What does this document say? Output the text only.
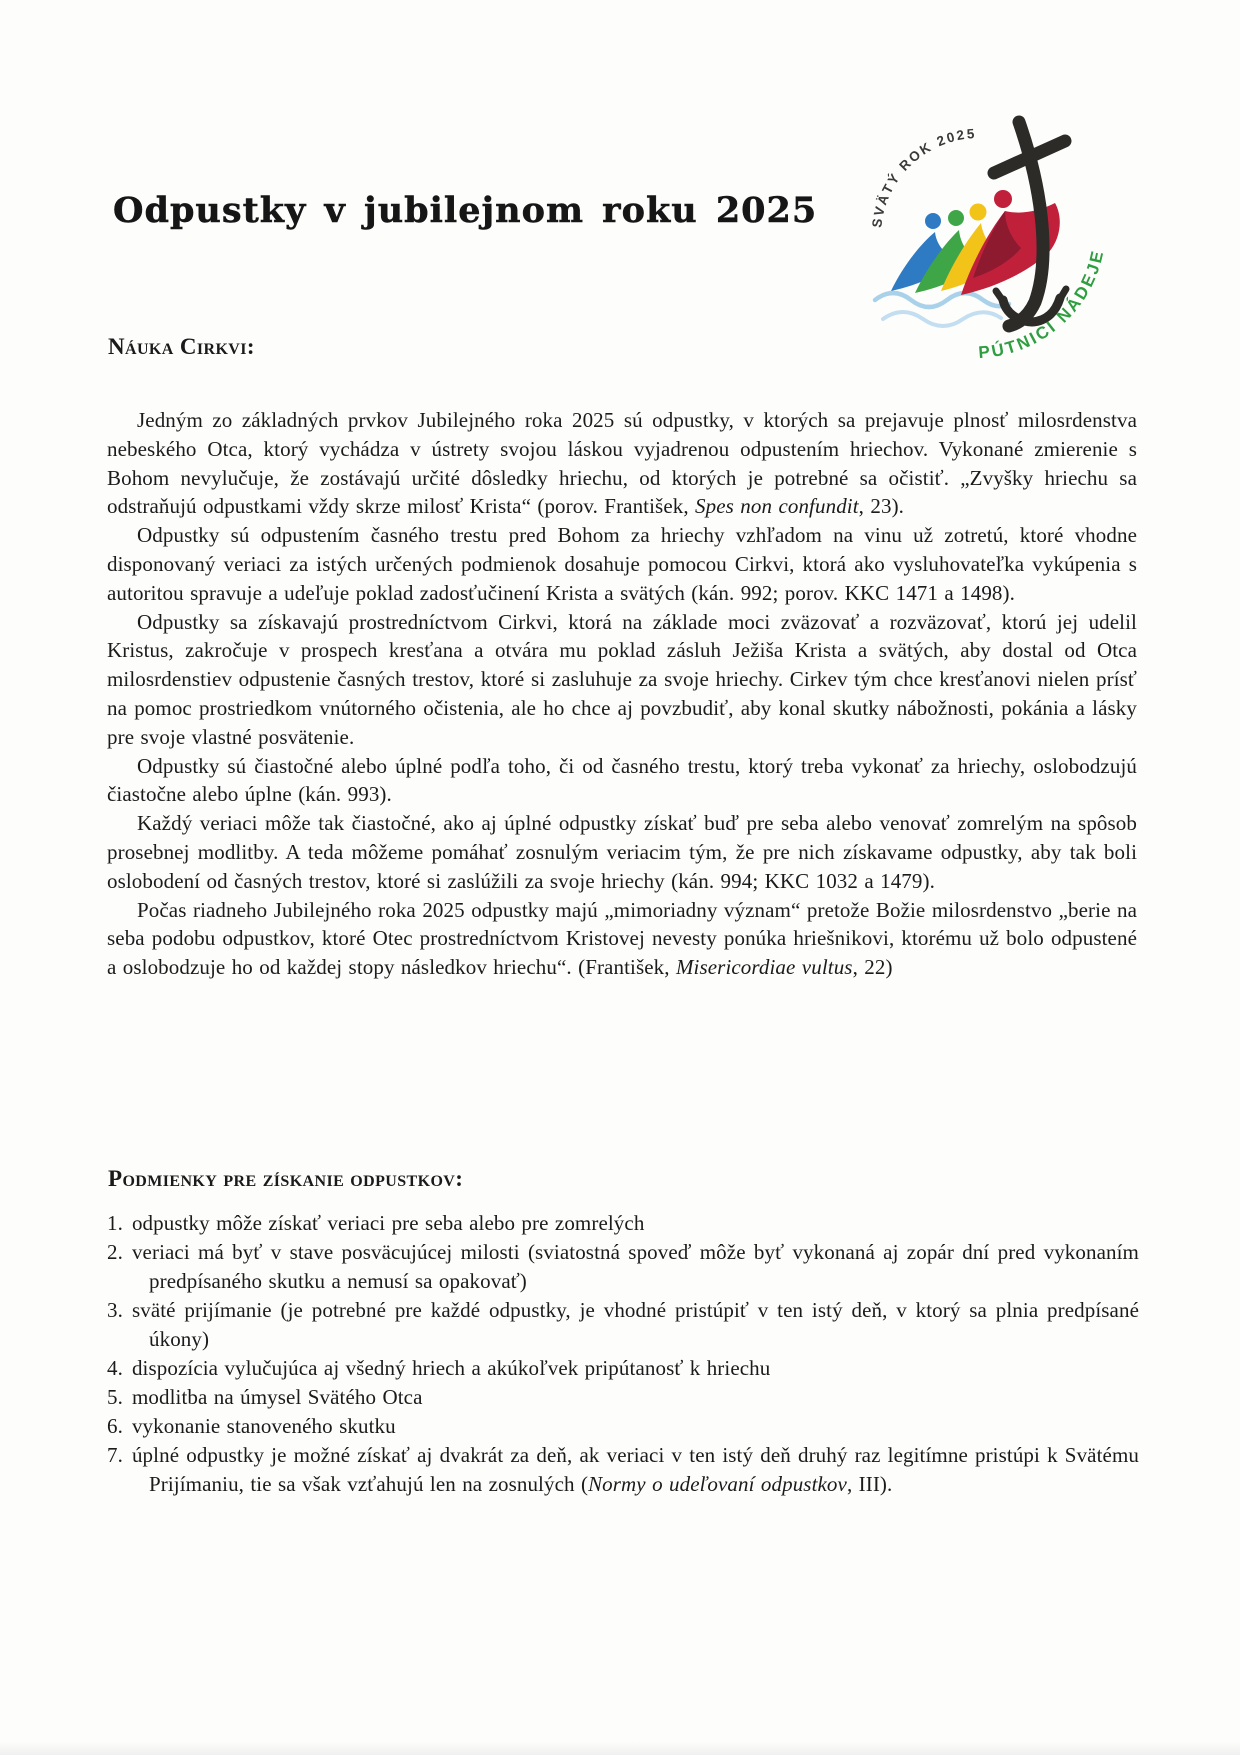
Odpustky v jubilejnom roku 2025	SVÄTÝ ROK 2025
PÚTNICI NÁDEJE
Náuka Cirkvi:

Jedným zo základných prvkov Jubilejného roka 2025 sú odpustky, v ktorých sa prejavuje plnosť milosrdenstva nebeského Otca, ktorý vychádza v ústrety svojou láskou vyjadrenou odpustením hriechov. Vykonané zmierenie s Bohom nevylučuje, že zostávajú určité dôsledky hriechu, od ktorých je potrebné sa očistiť. „Zvyšky hriechu sa odstraňujú odpustkami vždy skrze milosť Krista“ (porov. František, Spes non confundit, 23).

Odpustky sú odpustením časného trestu pred Bohom za hriechy vzhľadom na vinu už zotretú, ktoré vhodne disponovaný veriaci za istých určených podmienok dosahuje pomocou Cirkvi, ktorá ako vysluhovateľka vykúpenia s autoritou spravuje a udeľuje poklad zadosťučinení Krista a svätých (kán. 992; porov. KKC 1471 a 1498).

Odpustky sa získavajú prostredníctvom Cirkvi, ktorá na základe moci zväzovať a rozväzovať, ktorú jej udelil Kristus, zakročuje v prospech kresťana a otvára mu poklad zásluh Ježiša Krista a svätých, aby dostal od Otca milosrdenstiev odpustenie časných trestov, ktoré si zasluhuje za svoje hriechy. Cirkev tým chce kresťanovi nielen prísť na pomoc prostriedkom vnútorného očistenia, ale ho chce aj povzbudiť, aby konal skutky nábožnosti, pokánia a lásky pre svoje vlastné posvätenie.

Odpustky sú čiastočné alebo úplné podľa toho, či od časného trestu, ktorý treba vykonať za hriechy, oslobodzujú čiastočne alebo úplne (kán. 993).

Každý veriaci môže tak čiastočné, ako aj úplné odpustky získať buď pre seba alebo venovať zomrelým na spôsob prosebnej modlitby. A teda môžeme pomáhať zosnulým veriacim tým, že pre nich získavame odpustky, aby tak boli oslobodení od časných trestov, ktoré si zaslúžili za svoje hriechy (kán. 994; KKC 1032 a 1479).

Počas riadneho Jubilejného roka 2025 odpustky majú „mimoriadny význam“ pretože Božie milosrdenstvo „berie na seba podobu odpustkov, ktoré Otec prostredníctvom Kristovej nevesty ponúka hriešnikovi, ktorému už bolo odpustené a oslobodzuje ho od každej stopy následkov hriechu“. (František, Misericordiae vultus, 22)

Podmienky pre získanie odpustkov:
1. odpustky môže získať veriaci pre seba alebo pre zomrelých
2. veriaci má byť v stave posväcujúcej milosti (sviatostná spoveď môže byť vykonaná aj zopár dní pred vykonaním predpísaného skutku a nemusí sa opakovať)
3. sväté prijímanie (je potrebné pre každé odpustky, je vhodné pristúpiť v ten istý deň, v ktorý sa plnia predpísané úkony)
4. dispozícia vylučujúca aj všedný hriech a akúkoľvek pripútanosť k hriechu
5. modlitba na úmysel Svätého Otca
6. vykonanie stanoveného skutku
7. úplné odpustky je možné získať aj dvakrát za deň, ak veriaci v ten istý deň druhý raz legitímne pristúpi k Svätému Prijímaniu, tie sa však vzťahujú len na zosnulých (Normy o udeľovaní odpustkov, III).
